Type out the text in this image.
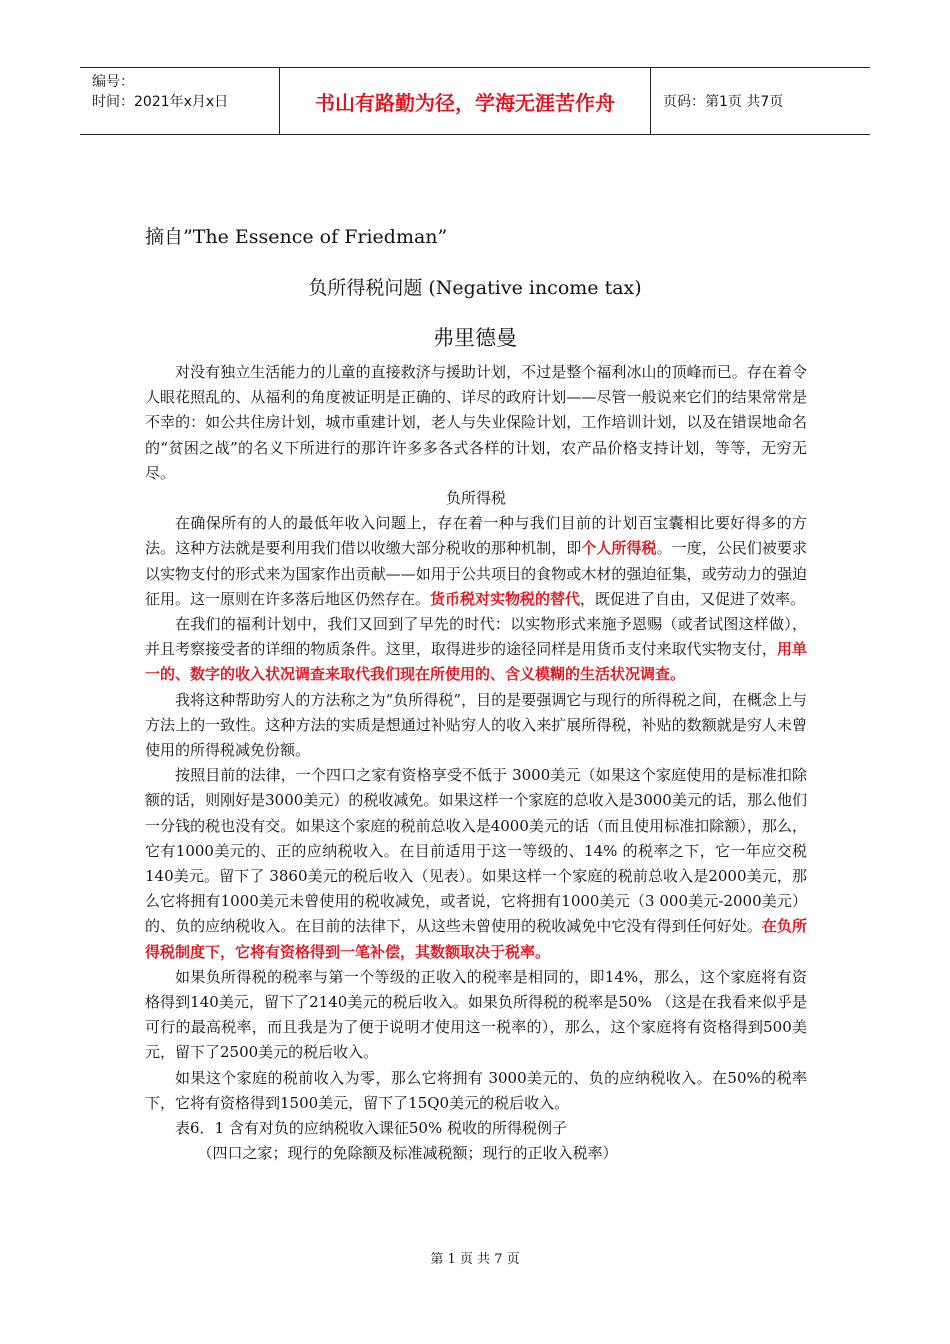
编号：
时间：2021年x月x日	书山有路勤为径，学海无涯苦作舟	页码：第1页 共7页
摘自”The Essence of Friedman”
负所得税问题 (Negative income tax)
弗里德曼

对没有独立生活能力的儿童的直接救济与援助计划，不过是整个福利冰山的顶峰而已。存在着令人眼花照乱的、从福利的角度被证明是正确的、详尽的政府计划——尽管一般说来它们的结果常常是不幸的：如公共住房计划，城市重建计划，老人与失业保险计划，工作培训计划，以及在错误地命名的“贫困之战”的名义下所进行的那许许多多各式各样的计划，农产品价格支持计划，等等，无穷无尽。

负所得税

在确保所有的人的最低年收入问题上，存在着一种与我们目前的计划百宝囊相比要好得多的方法。这种方法就是要利用我们借以收缴大部分税收的那种机制，即个人所得税。一度，公民们被要求以实物支付的形式来为国家作出贡献——如用于公共项目的食物或木材的强迫征集，或劳动力的强迫征用。这一原则在许多落后地区仍然存在。货币税对实物税的替代，既促进了自由，又促进了效率。

在我们的福利计划中，我们又回到了早先的时代：以实物形式来施予恩赐（或者试图这样做），并且考察接受者的详细的物质条件。这里，取得进步的途径同样是用货币支付来取代实物支付，用单一的、数字的收入状况调查来取代我们现在所使用的、含义模糊的生活状况调查。

我将这种帮助穷人的方法称之为“负所得税”，目的是要强调它与现行的所得税之间，在概念上与方法上的一致性。这种方法的实质是想通过补贴穷人的收入来扩展所得税，补贴的数额就是穷人未曾使用的所得税减免份额。

按照目前的法律，一个四口之家有资格享受不低于 3000美元（如果这个家庭使用的是标准扣除额的话，则刚好是3000美元）的税收减免。如果这样一个家庭的总收入是3000美元的话，那么他们一分钱的税也没有交。如果这个家庭的税前总收入是4000美元的话（而且使用标准扣除额），那么，它有1000美元的、正的应纳税收入。在目前适用于这一等级的、14% 的税率之下，它一年应交税140美元。留下了 3860美元的税后收入（见表）。如果这样一个家庭的税前总收入是2000美元，那么它将拥有1000美元未曾使用的税收减免，或者说，它将拥有1000美元（3 000美元-2000美元）的、负的应纳税收入。在目前的法律下，从这些未曾使用的税收减免中它没有得到任何好处。在负所得税制度下，它将有资格得到一笔补偿，其数额取决于税率。

如果负所得税的税率与第一个等级的正收入的税率是相同的，即14%，那么，这个家庭将有资格得到140美元，留下了2140美元的税后收入。如果负所得税的税率是50% （这是在我看来似乎是可行的最高税率，而且我是为了便于说明才使用这一税率的），那么，这个家庭将有资格得到500美元，留下了2500美元的税后收入。

如果这个家庭的税前收入为零，那么它将拥有 3000美元的、负的应纳税收入。在50%的税率下，它将有资格得到1500美元，留下了15Q0美元的税后收入。

表6．1 含有对负的应纳税收入课征50% 税收的所得税例子

（四口之家；现行的免除额及标准减税额；现行的正收入税率）

第 1 页 共 7 页
